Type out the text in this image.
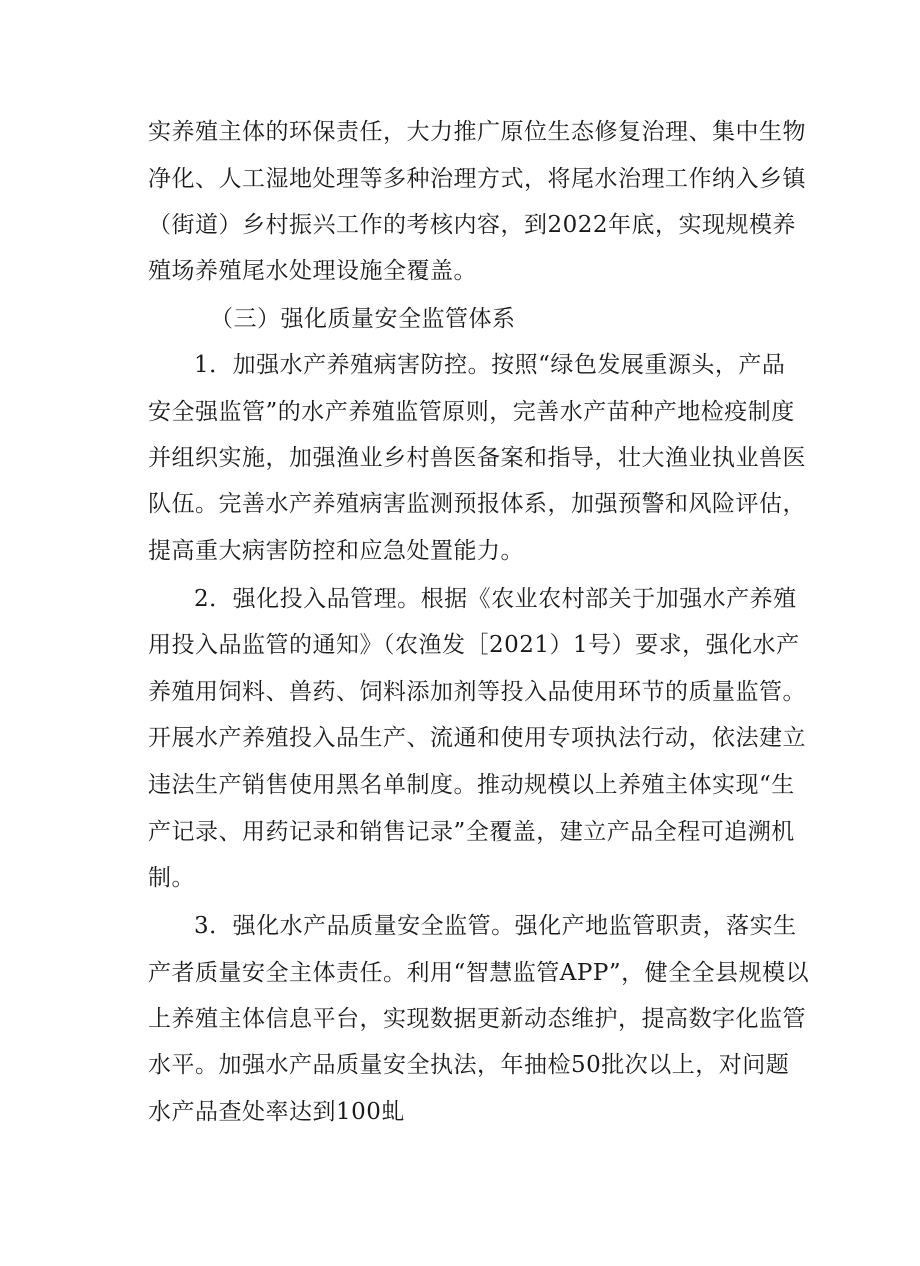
实养殖主体的环保责任，大力推广原位生态修复治理、集中生物
净化、人工湿地处理等多种治理方式，将尾水治理工作纳入乡镇
（街道）乡村振兴工作的考核内容，到2022年底，实现规模养
殖场养殖尾水处理设施全覆盖。
（三）强化质量安全监管体系
1．加强水产养殖病害防控。按照“绿色发展重源头，产品
安全强监管”的水产养殖监管原则，完善水产苗种产地检疫制度
并组织实施，加强渔业乡村兽医备案和指导，壮大渔业执业兽医
队伍。完善水产养殖病害监测预报体系，加强预警和风险评估，
提高重大病害防控和应急处置能力。
2．强化投入品管理。根据《农业农村部关于加强水产养殖
用投入品监管的通知》（农渔发［2021）1号）要求，强化水产
养殖用饲料、兽药、饲料添加剂等投入品使用环节的质量监管。
开展水产养殖投入品生产、流通和使用专项执法行动，依法建立
违法生产销售使用黑名单制度。推动规模以上养殖主体实现“生
产记录、用药记录和销售记录”全覆盖，建立产品全程可追溯机
制。
3．强化水产品质量安全监管。强化产地监管职责，落实生
产者质量安全主体责任。利用“智慧监管APP”，健全全县规模以
上养殖主体信息平台，实现数据更新动态维护，提高数字化监管
水平。加强水产品质量安全执法，年抽检50批次以上，对问题
水产品查处率达到100虬
